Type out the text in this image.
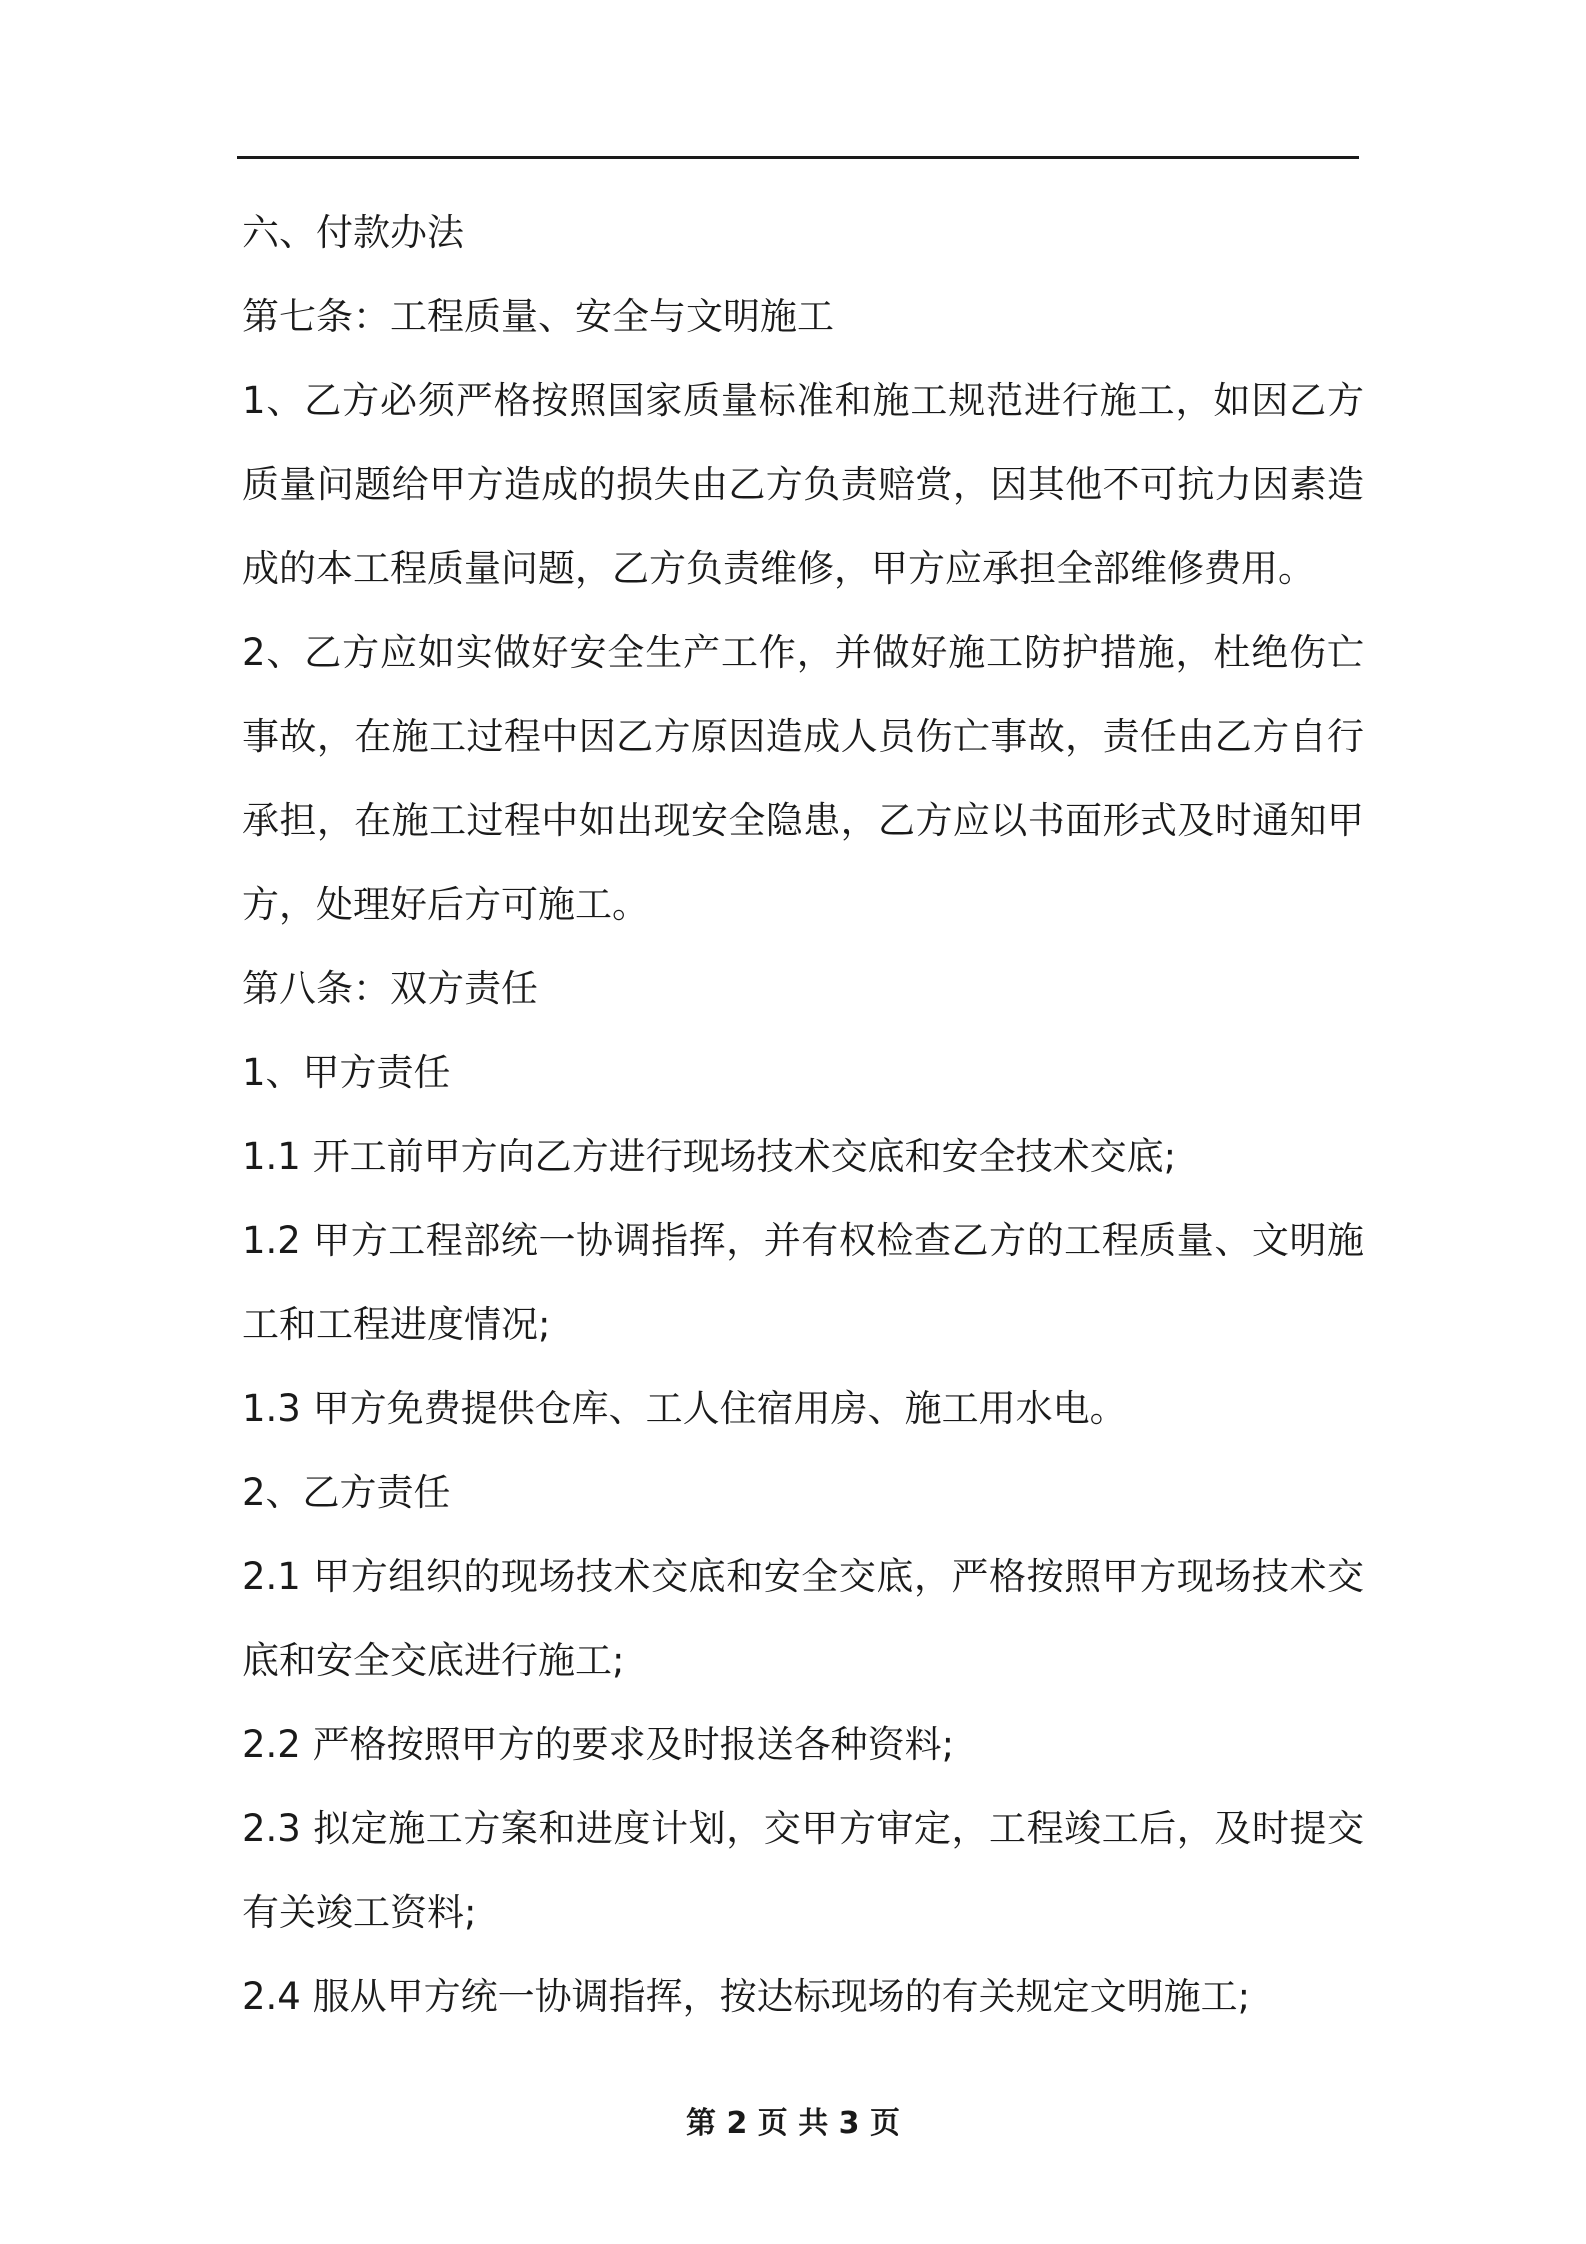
六、付款办法
第七条：工程质量、安全与文明施工
1、乙方必须严格按照国家质量标准和施工规范进行施工，如因乙方
质量问题给甲方造成的损失由乙方负责赔赏，因其他不可抗力因素造
成的本工程质量问题，乙方负责维修，甲方应承担全部维修费用。
2、乙方应如实做好安全生产工作，并做好施工防护措施，杜绝伤亡
事故，在施工过程中因乙方原因造成人员伤亡事故，责任由乙方自行
承担，在施工过程中如出现安全隐患，乙方应以书面形式及时通知甲
方，处理好后方可施工。
第八条：双方责任
1、甲方责任
1.1 开工前甲方向乙方进行现场技术交底和安全技术交底;
1.2 甲方工程部统一协调指挥，并有权检查乙方的工程质量、文明施
工和工程进度情况;
1.3 甲方免费提供仓库、工人住宿用房、施工用水电。
2、乙方责任
2.1 甲方组织的现场技术交底和安全交底，严格按照甲方现场技术交
底和安全交底进行施工;
2.2 严格按照甲方的要求及时报送各种资料;
2.3 拟定施工方案和进度计划，交甲方审定，工程竣工后，及时提交
有关竣工资料;
2.4 服从甲方统一协调指挥，按达标现场的有关规定文明施工;
第 2 页 共 3 页
